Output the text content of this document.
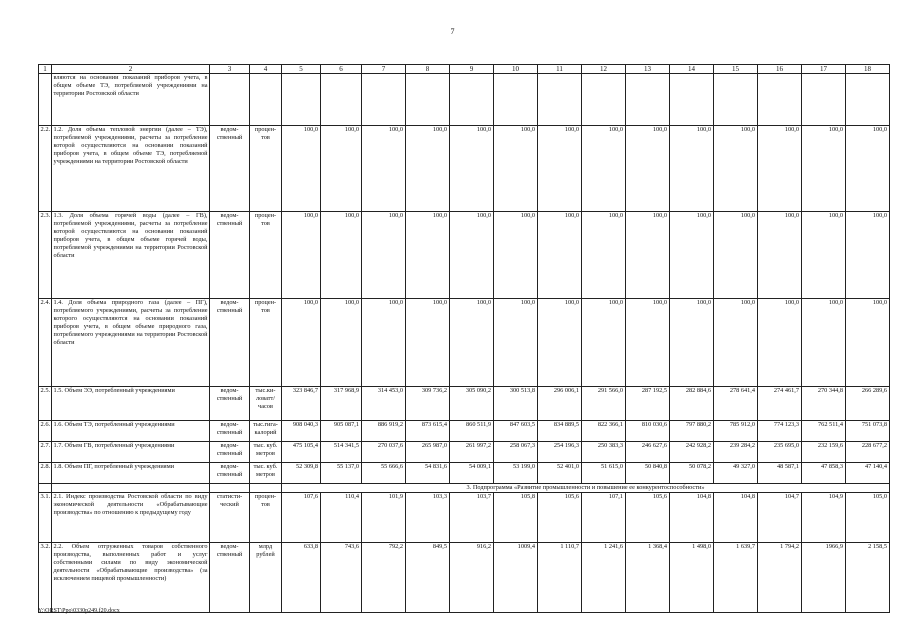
7
1	2	3	4	5	6	7	8	9	10	11	12	13	14	15	16	17	18
	вляются на основании показаний приборов учета, в общем объеме ТЭ, потребляемой учреждениями на территории Ростовской области																
2.2.	1.2. Доля объема тепловой энергии (далее – ТЭ), потребляемой учреждениями, расчеты за потребление которой осуществляются на основании показаний приборов учета, в общем объеме ТЭ, потребляемой учреждениями на территории Ростовской области	ведом-ственный	процен-тов	100,0	100,0	100,0	100,0	100,0	100,0	100,0	100,0	100,0	100,0	100,0	100,0	100,0	100,0
2.3.	1.3. Доля объема горячей воды (далее – ГВ), потребляемой учреждениями, расчеты за потребление которой осуществляются на основании показаний приборов учета, в общем объеме горячей воды, потребляемой учреждениями на территории Ростовской области	ведом-ственный	процен-тов	100,0	100,0	100,0	100,0	100,0	100,0	100,0	100,0	100,0	100,0	100,0	100,0	100,0	100,0
2.4.	1.4. Доля объема природного газа (далее – ПГ), потребляемого учреждениями, расчеты за потребление которого осуществляются на основании показаний приборов учета, в общем объеме природного газа, потребляемого учреждениями на территории Ростовской области	ведом-ственный	процен-тов	100,0	100,0	100,0	100,0	100,0	100,0	100,0	100,0	100,0	100,0	100,0	100,0	100,0	100,0
2.5.	1.5. Объем ЭЭ, потребленный учреждениями	ведом-ственный	тыс.ки-ловатт/часов	323 846,7	317 968,9	314 453,0	309 736,2	305 090,2	300 513,8	296 006,1	291 566,0	287 192,5	282 884,6	278 641,4	274 461,7	270 344,8	266 289,6
2.6.	1.6. Объем ТЭ, потребленный учреждениями	ведом-ственный	тыс.гига-калорий	908 040,3	905 087,1	886 919,2	873 615,4	860 511,9	847 603,5	834 889,5	822 366,1	810 030,6	797 880,2	785 912,0	774 123,3	762 511,4	751 073,8
2.7.	1.7. Объем ГВ, потребленный учреждениями	ведом-ственный	тыс. куб. метров	475 105,4	514 341,5	270 037,6	265 987,0	261 997,2	258 067,3	254 196,3	250 383,3	246 627,6	242 928,2	239 284,2	235 695,0	232 159,6	228 677,2
2.8.	1.8. Объем ПГ, потребленный учреждениями	ведом-ственный	тыс. куб. метров	52 309,8	55 137,0	55 666,6	54 831,6	54 009,1	53 199,0	52 401,0	51 615,0	50 840,8	50 078,2	49 327,0	48 587,1	47 858,3	47 140,4
				3. Подпрограмма «Развитие промышленности и повышение ее конкурентоспособности»													
3.1.	2.1. Индекс производства Ростовской области по виду экономической деятельности «Обрабатывающие производства» по отношению к предыдущему году	статисти-ческий	процен-тов	107,6	110,4	101,9	103,3	103,7	105,8	105,6	107,1	105,6	104,8	104,8	104,7	104,9	105,0
3.2.	2.2. Объем отгруженных товаров собственного производства, выполненных работ и услуг собственными силами по виду экономической деятельности «Обрабатывающие производства» (за исключением пищевой промышленности)	ведом-ственный	млрд рублей	633,8	743,6	792,2	849,5	916,2	1009,4	1 110,7	1 241,6	1 368,4	1 498,0	1 639,7	1 794,2	1966,9	2 158,5
Y:\ORST\Ppo\0330p249.f20.docx
